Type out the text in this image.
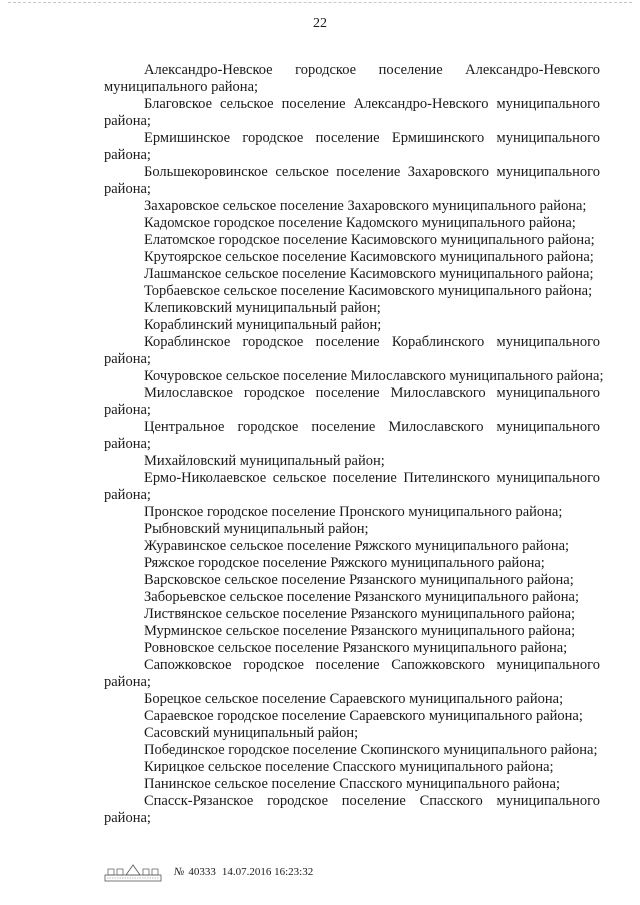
22
Александро-Невское городское поселение Александро-Невского
муниципального района;
Благовское сельское поселение Александро-Невского муниципального
района;
Ермишинское городское поселение Ермишинского муниципального
района;
Большекоровинское сельское поселение Захаровского муниципального
района;
Захаровское сельское поселение Захаровского муниципального района;
Кадомское городское поселение Кадомского муниципального района;
Елатомское городское поселение Касимовского муниципального района;
Крутоярское сельское поселение Касимовского муниципального района;
Лашманское сельское поселение Касимовского муниципального района;
Торбаевское сельское поселение Касимовского муниципального района;
Клепиковский муниципальный район;
Кораблинский муниципальный район;
Кораблинское городское поселение Кораблинского муниципального
района;
Кочуровское сельское поселение Милославского муниципального района;
Милославское городское поселение Милославского муниципального
района;
Центральное городское поселение Милославского муниципального
района;
Михайловский муниципальный район;
Ермо-Николаевское сельское поселение Пителинского муниципального
района;
Пронское городское поселение Пронского муниципального района;
Рыбновский муниципальный район;
Журавинское сельское поселение Ряжского муниципального района;
Ряжское городское поселение Ряжского муниципального района;
Варсковское сельское поселение Рязанского муниципального района;
Заборьевское сельское поселение Рязанского муниципального района;
Листвянское сельское поселение Рязанского муниципального района;
Мурминское сельское поселение Рязанского муниципального района;
Ровновское сельское поселение Рязанского муниципального района;
Сапожковское городское поселение Сапожковского муниципального
района;
Борецкое сельское поселение Сараевского муниципального района;
Сараевское городское поселение Сараевского муниципального района;
Сасовский муниципальный район;
Побединское городское поселение Скопинского муниципального района;
Кирицкое сельское поселение Спасского муниципального района;
Панинское сельское поселение Спасского муниципального района;
Спасск-Рязанское городское поселение Спасского муниципального
района;
№ 40333 14.07.2016 16:23:32
